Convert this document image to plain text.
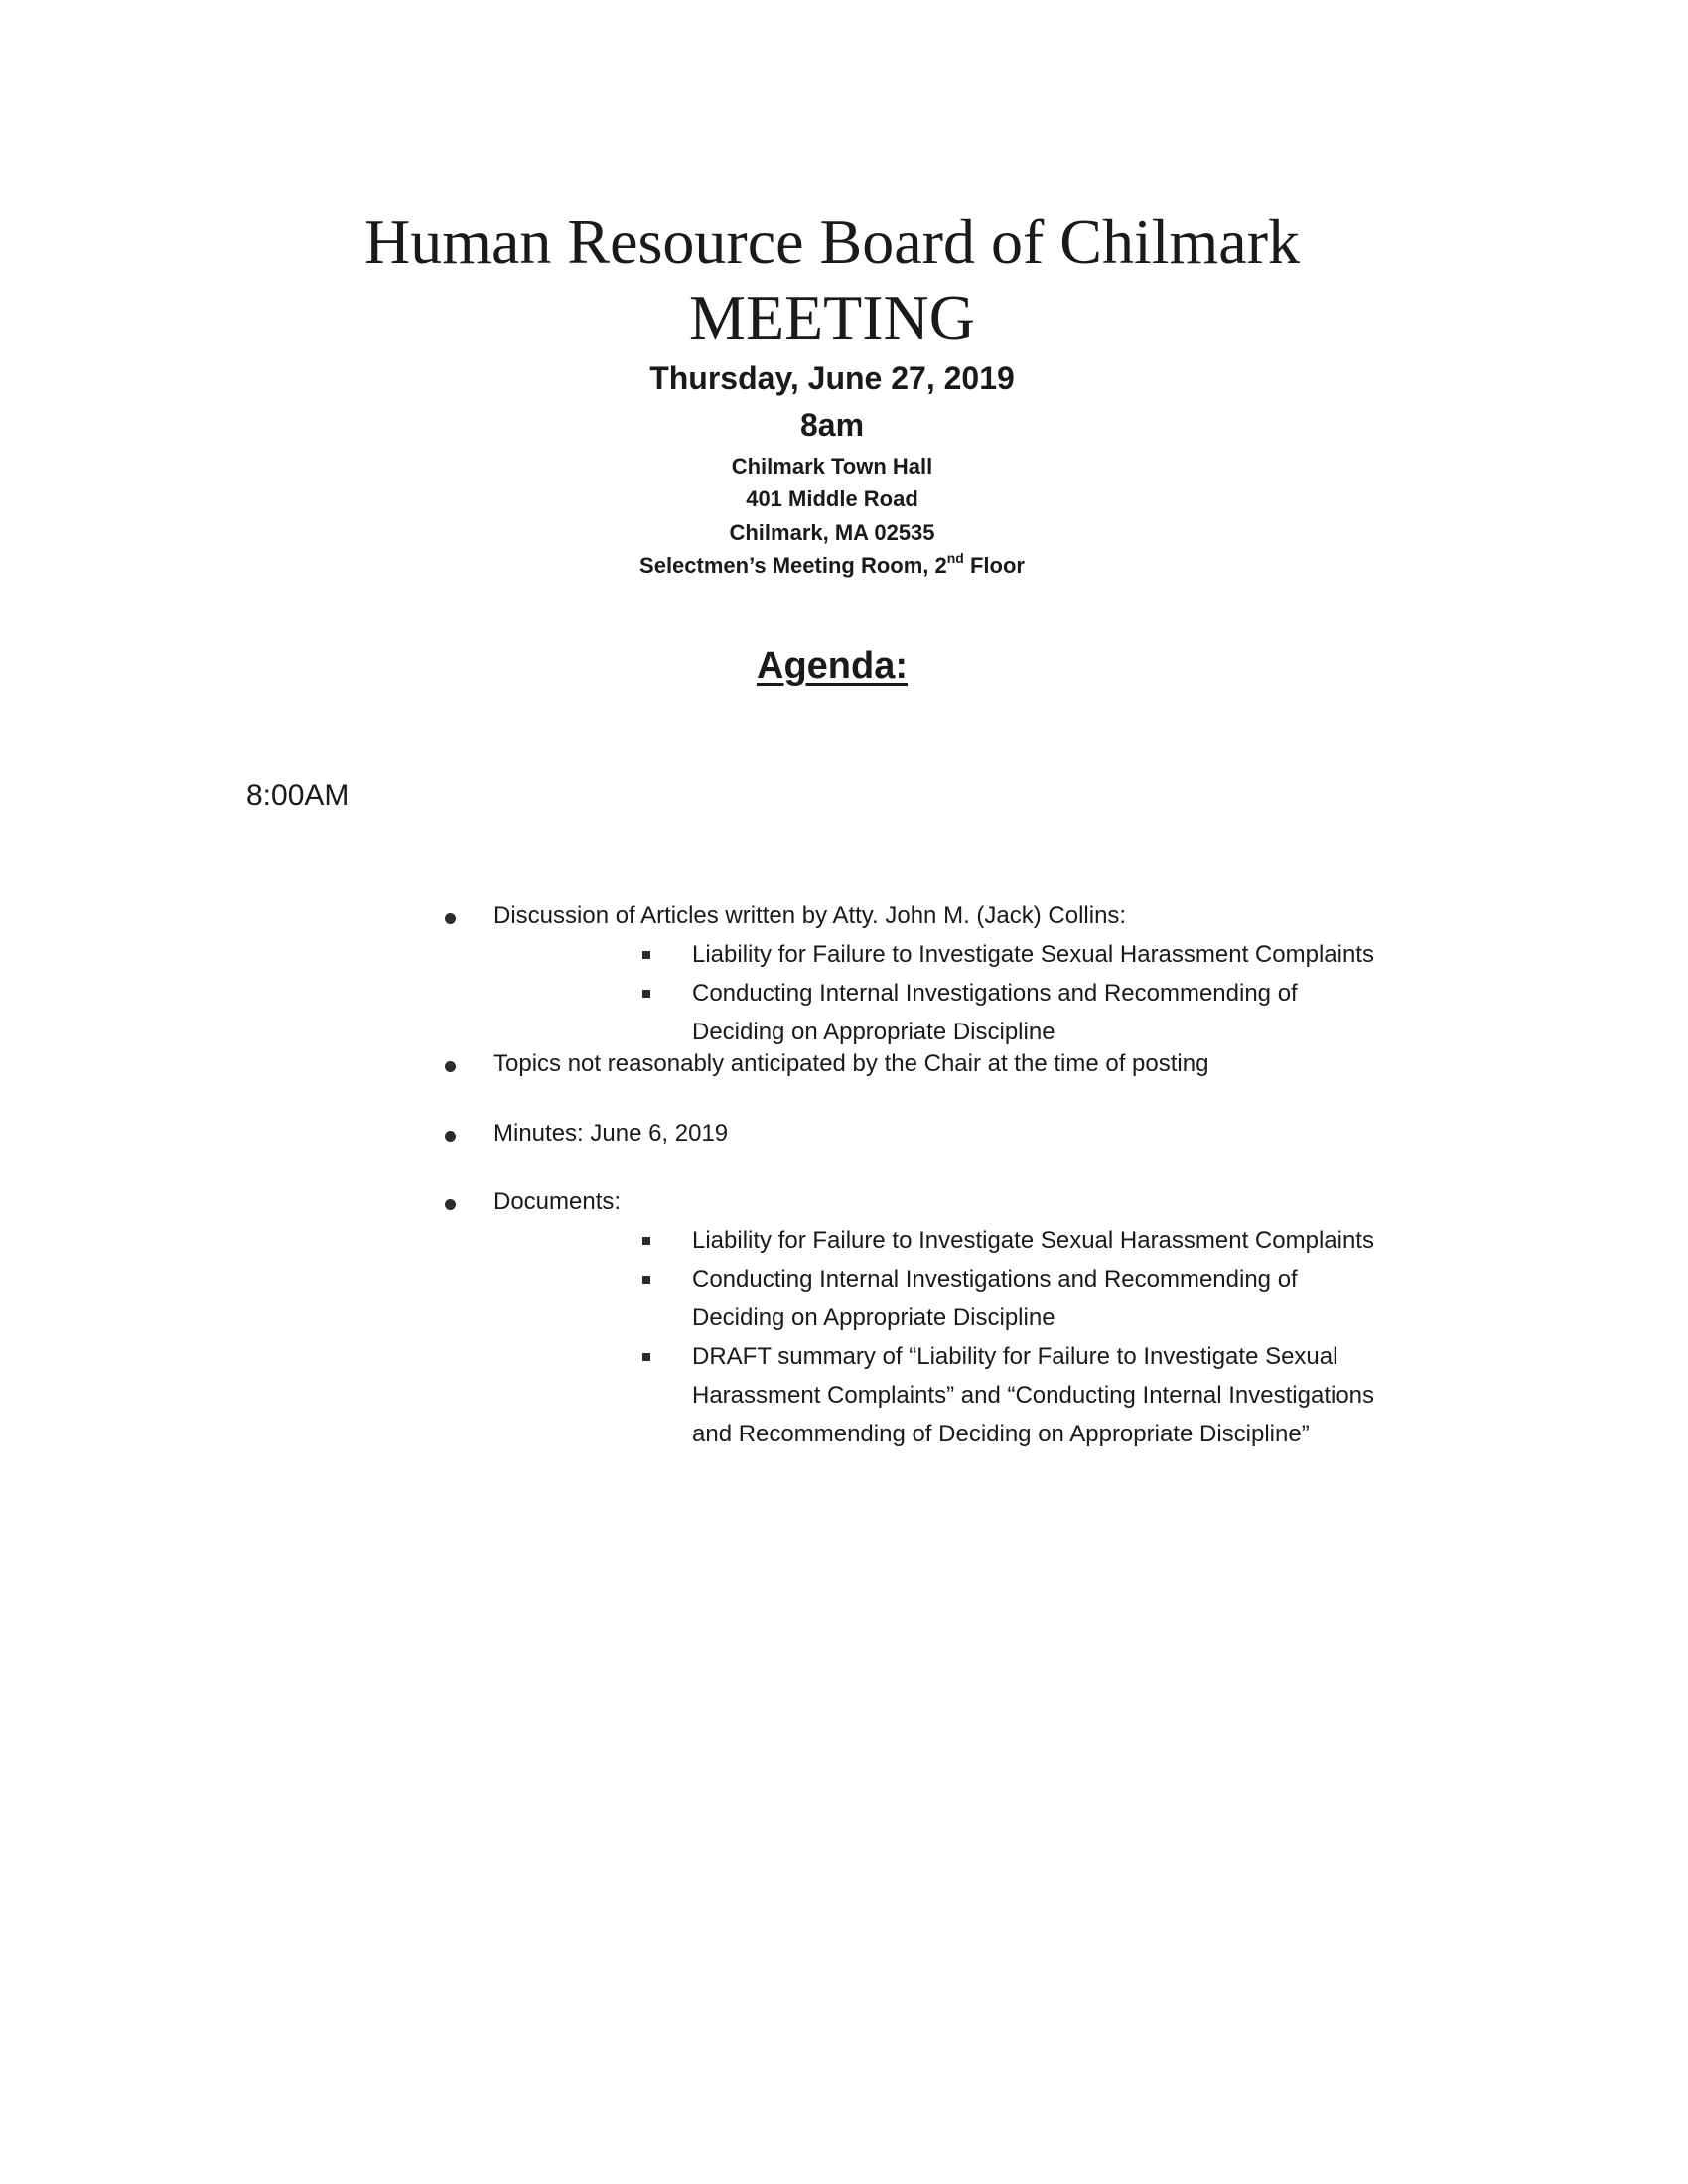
Human Resource Board of Chilmark
MEETING
Thursday, June 27, 2019
8am
Chilmark Town Hall
401 Middle Road
Chilmark, MA 02535
Selectmen’s Meeting Room, 2nd Floor
Agenda:
8:00AM
Discussion of Articles written by Atty. John M. (Jack) Collins:
Liability for Failure to Investigate Sexual Harassment Complaints
Conducting Internal Investigations and Recommending of
Deciding on Appropriate Discipline
Topics not reasonably anticipated by the Chair at the time of posting
Minutes: June 6, 2019
Documents:
Liability for Failure to Investigate Sexual Harassment Complaints
Conducting Internal Investigations and Recommending of
Deciding on Appropriate Discipline
DRAFT summary of “Liability for Failure to Investigate Sexual
Harassment Complaints” and “Conducting Internal Investigations
and Recommending of Deciding on Appropriate Discipline”
